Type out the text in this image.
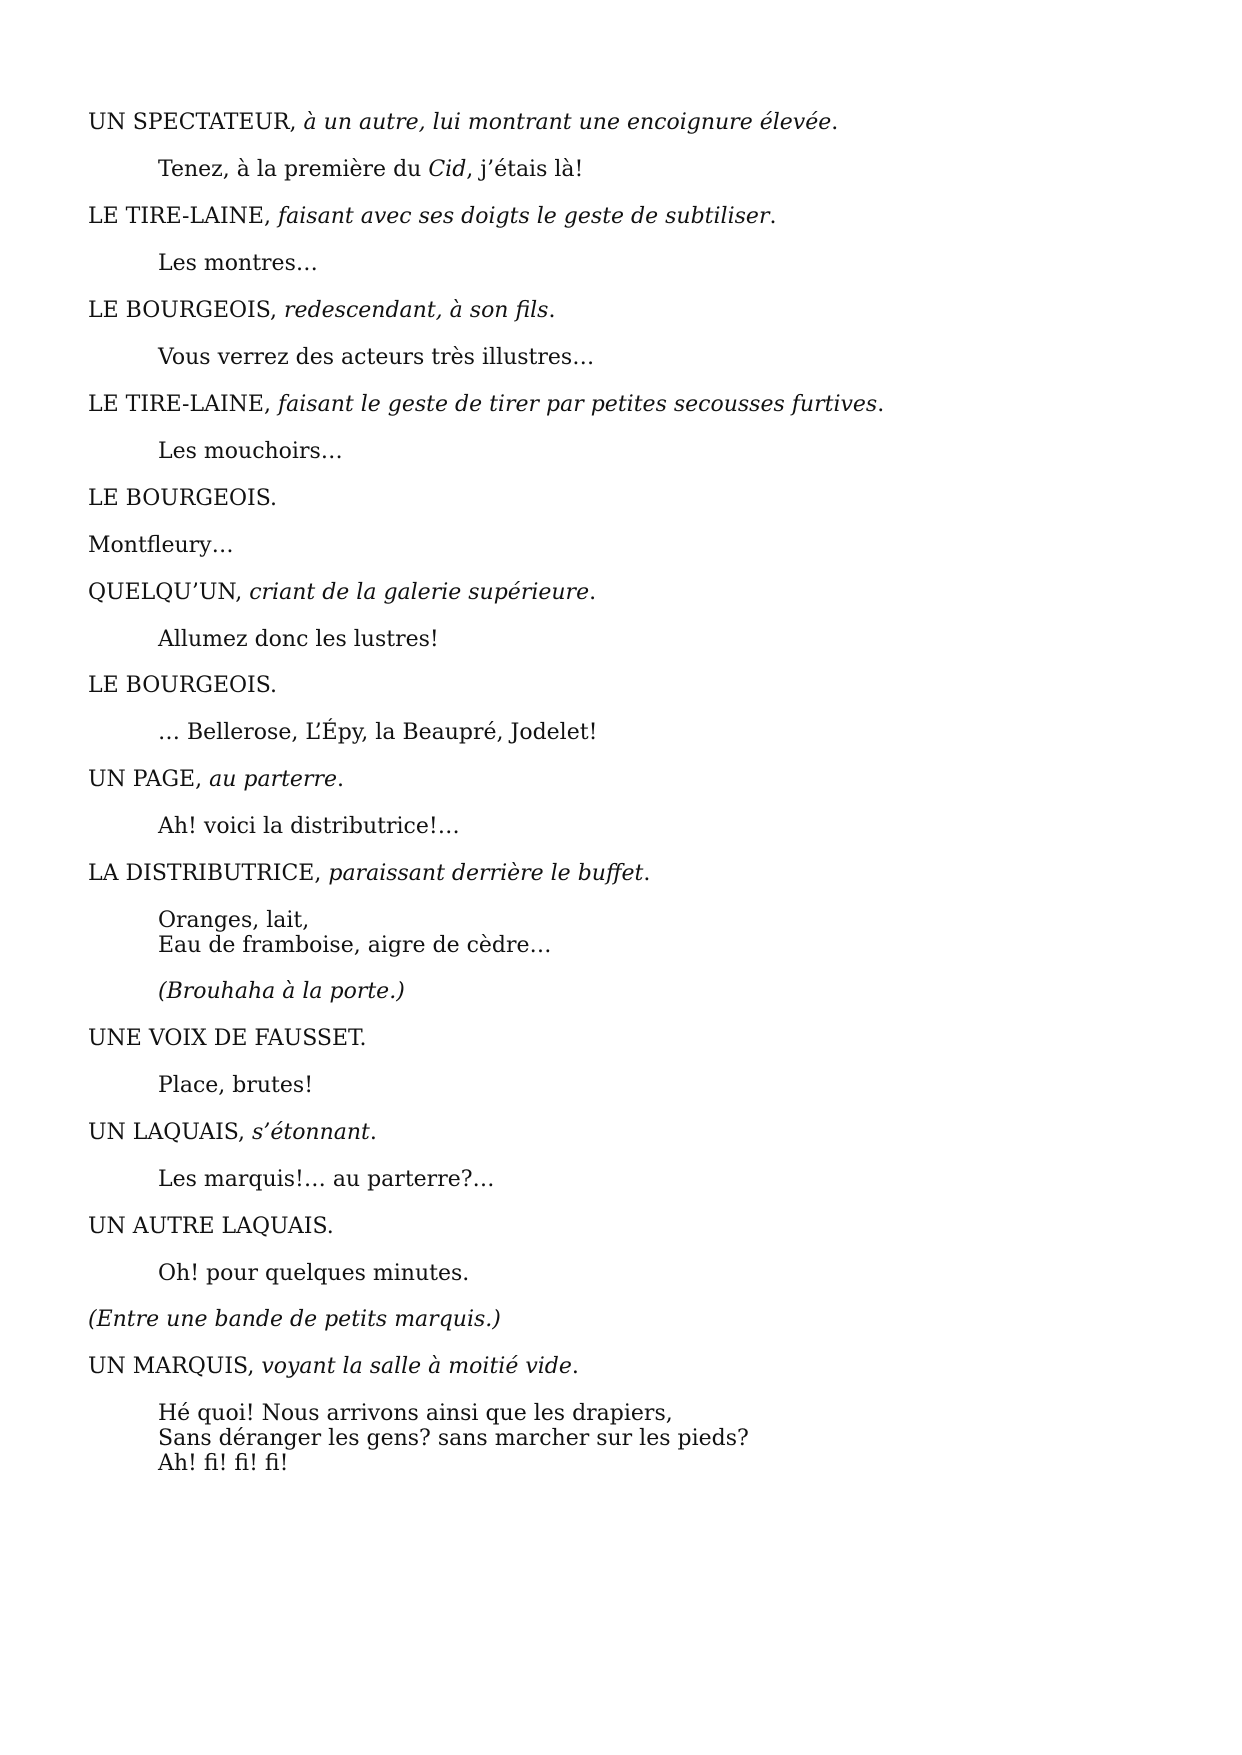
UN SPECTATEUR, à un autre, lui montrant une encoignure élevée.
Tenez, à la première du Cid, j’étais là!
LE TIRE-LAINE, faisant avec ses doigts le geste de subtiliser.
Les montres…
LE BOURGEOIS, redescendant, à son fils.
Vous verrez des acteurs très illustres…
LE TIRE-LAINE, faisant le geste de tirer par petites secousses furtives.
Les mouchoirs…
LE BOURGEOIS.
Montfleury…
QUELQU’UN, criant de la galerie supérieure.
Allumez donc les lustres!
LE BOURGEOIS.
… Bellerose, L’Épy, la Beaupré, Jodelet!
UN PAGE, au parterre.
Ah! voici la distributrice!…
LA DISTRIBUTRICE, paraissant derrière le buffet.
Oranges, lait,
Eau de framboise, aigre de cèdre…
(Brouhaha à la porte.)
UNE VOIX DE FAUSSET.
Place, brutes!
UN LAQUAIS, s’étonnant.
Les marquis!… au parterre?…
UN AUTRE LAQUAIS.
Oh! pour quelques minutes.
(Entre une bande de petits marquis.)
UN MARQUIS, voyant la salle à moitié vide.
Hé quoi! Nous arrivons ainsi que les drapiers,
Sans déranger les gens? sans marcher sur les pieds?
Ah! fi! fi! fi!
